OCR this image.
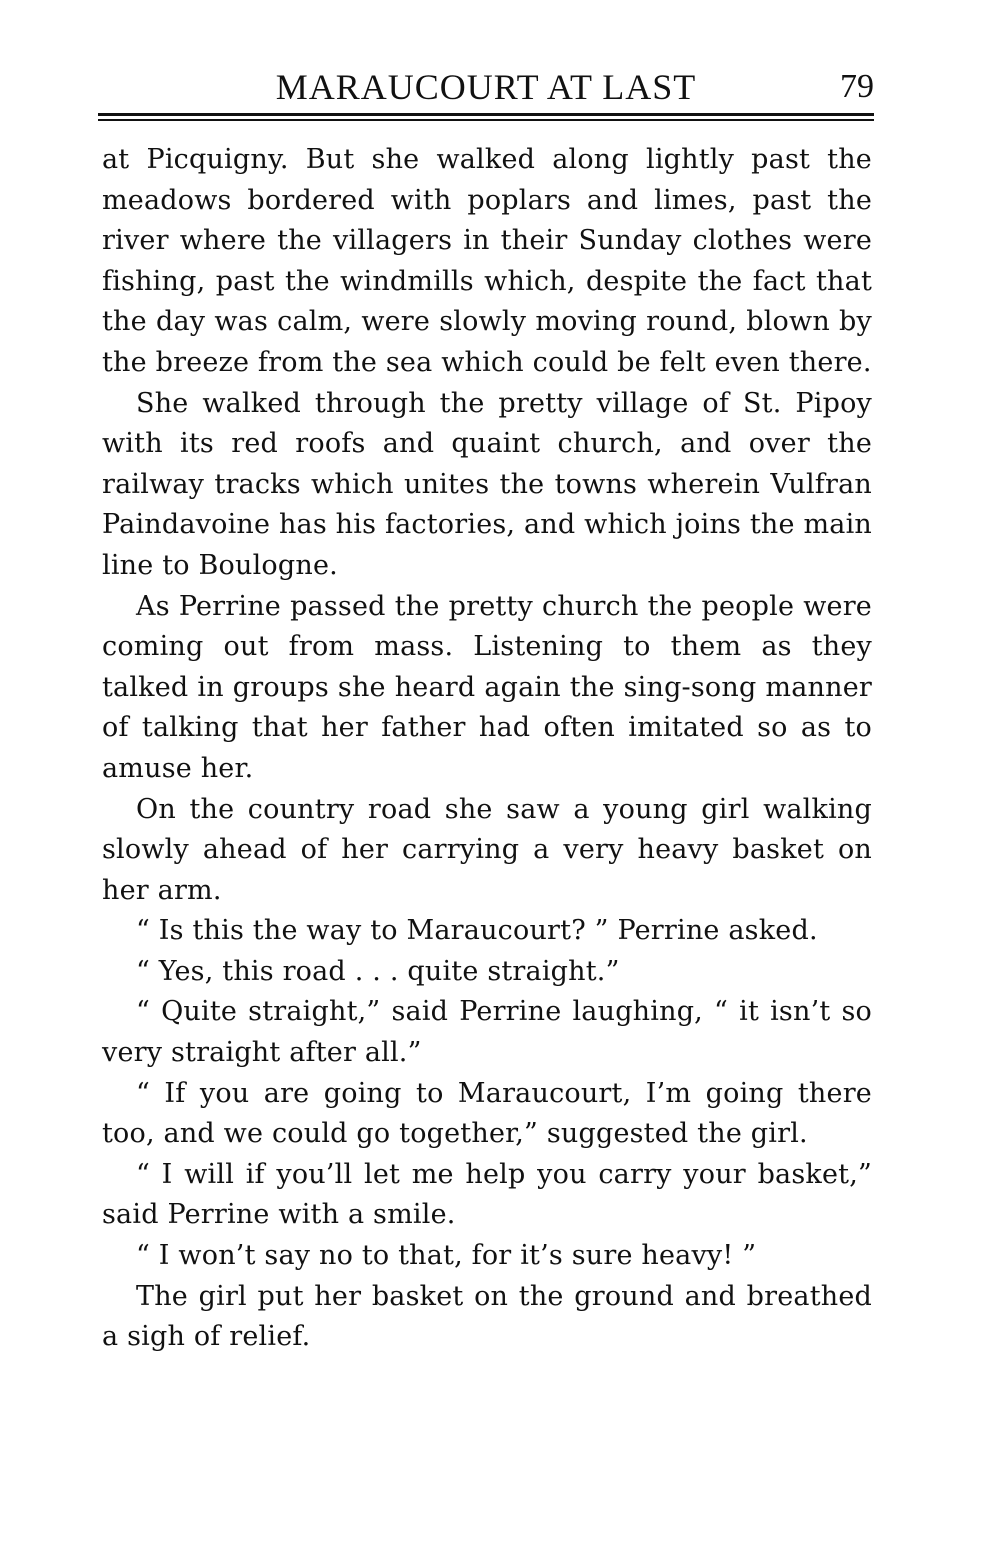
MARAUCOURT AT LAST	79

at Picquigny. But she walked along lightly past the meadows bordered with poplars and limes, past the river where the villagers in their Sunday clothes were fishing, past the windmills which, despite the fact that the day was calm, were slowly moving round, blown by the breeze from the sea which could be felt even there.

She walked through the pretty village of St. Pipoy with its red roofs and quaint church, and over the railway tracks which unites the towns wherein Vulfran Paindavoine has his factories, and which joins the main line to Boulogne.

As Perrine passed the pretty church the people were coming out from mass. Listening to them as they talked in groups she heard again the sing-song manner of talking that her father had often imitated so as to amuse her.

On the country road she saw a young girl walking slowly ahead of her carrying a very heavy basket on her arm.

“ Is this the way to Maraucourt? ” Perrine asked.

“ Yes, this road . . . quite straight.”

“ Quite straight,” said Perrine laughing, “ it isn’t so very straight after all.”

“ If you are going to Maraucourt, I’m going there too, and we could go together,” suggested the girl.

“ I will if you’ll let me help you carry your basket,” said Perrine with a smile.

“ I won’t say no to that, for it’s sure heavy! ”

The girl put her basket on the ground and breathed a sigh of relief.
